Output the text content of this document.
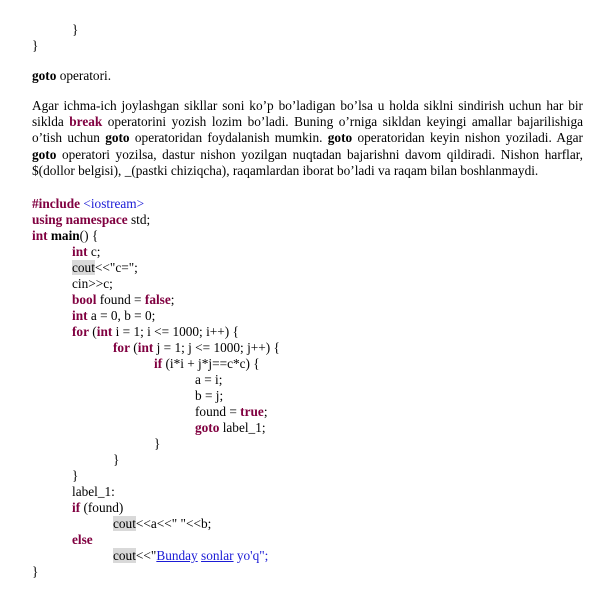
}
}
goto operatori.
Agar ichma-ich joylashgan sikllar soni ko’p bo’ladigan bo’lsa u holda siklni sindirish uchun har bir siklda break operatorini yozish lozim bo’ladi. Buning o’rniga sikldan keyingi amallar bajarilishiga o’tish uchun goto operatoridan foydalanish mumkin. goto operatoridan keyin nishon yoziladi. Agar goto operatori yozilsa, dastur nishon yozilgan nuqtadan bajarishni davom qildiradi. Nishon harflar, $(dollor belgisi), _(pastki chiziqcha), raqamlardan iborat bo’ladi va raqam bilan boshlanmaydi.
#include <iostream>
using namespace std;
int main() {
int c;
cout<<"c=";
cin>>c;
bool found = false;
int a = 0, b = 0;
for (int i = 1; i <= 1000; i++) {
for (int j = 1; j <= 1000; j++) {
if (i*i + j*j==c*c) {
a = i;
b = j;
found = true;
goto label_1;
}
}
}
label_1:
if (found)
cout<<a<<" "<<b;
else
cout<<"Bunday sonlar yo'q";
}
